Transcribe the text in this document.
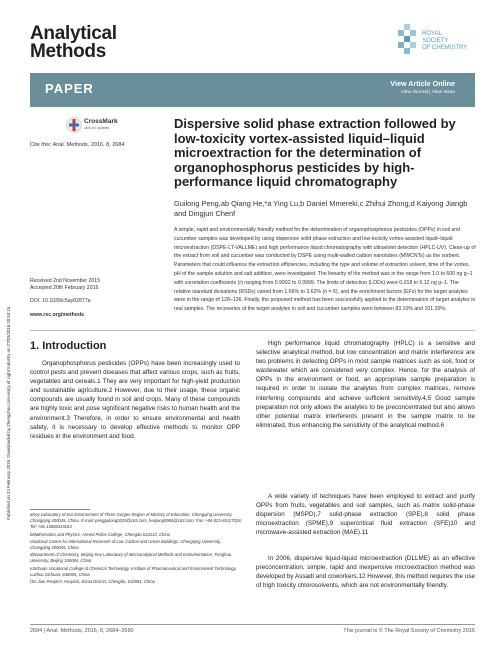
Analytical
Methods
ROYAL SOCIETY
OF CHEMISTRY
Published on 23 February 2016. Downloaded by Zhengzhou University of Light Industry on 27/03/2016 20:53:15.
PAPER	View Article Online
View Journal | View Issue
CrossMark
click for updates
Cite this: Anal. Methods, 2016, 8, 2684
Dispersive solid phase extraction followed by low-toxicity vortex-assisted liquid–liquid microextraction for the determination of organophosphorus pesticides by high-performance liquid chromatography
Guilong Peng,ab Qiang He,*a Ying Lu,b Daniel Mmereki,c Zhihui Zhong,d Kaiyong Jiangb and Dingjun Chenf
A simple, rapid and environmentally friendly method for the determination of organophosphorus pesticides (OPPs) in soil and cucumber samples was developed by using dispersive solid phase extraction and low-toxicity vortex-assisted liquid–liquid microextraction (DSPE-LT-VALLME) and high performance liquid chromatography with ultraviolet detection (HPLC-UV). Clean-up of the extract from soil and cucumber was conducted by DSPE using multi-walled carbon nanotubes (MWCNTs) as the sorbent. Parameters that could influence the extraction efficiencies, including the type and volume of extraction solvent, time of the vortex, pH of the sample solution and salt addition, were investigated. The linearity of the method was in the range from 1.0 to 600 ng g−1 with correlation coefficients (r) ranging from 0.9992 to 0.9999. The limits of detection (LODs) were 0.018 to 0.12 ng g−1. The relative standard deviations (RSDs) varied from 1.66% to 3.62% (n = 6), and the enrichment factors (EFs) for the target analytes were in the range of 128–136. Finally, the proposed method has been successfully applied to the determination of target analytes in real samples. The recoveries of the target analytes in soil and cucumber samples were between 83.10% and 101.20%.
Received 2nd November 2015
Accepted 20th February 2016
DOI: 10.1039/c5ay02877a
www.rsc.org/methods
1. Introduction

Organophosphorus pesticides (OPPs) have been increasingly used to control pests and prevent diseases that affect various crops, such as fruits, vegetables and cereals.1 They are very important for high-yield production and sustainable agriculture.2 However, due to their usage, these organic compounds are usually found in soil and crops. Many of these compounds are highly toxic and pose significant negative risks to human health and the environment.3 Therefore, in order to ensure environmental and health safety, it is necessary to develop effective methods to monitor OPP residues in the environment and food.

aKey Laboratory of Eco-Environment of Three Gorges Region of Ministry of Education, Chongqing University, Chongqing 400045, China. E-mail: penggulong0323@163.com, heqiang0980@163.com; Fax: +86-023-65127226; Tel: +86 13608319163
bMathematics and Physics, Armed Police College, Chengdu 610213, China
cNational Centre for International Research of Low Carbon and Green Buildings, Chongqing University, Chongqing 400045, China
dDepartment of Chemistry, Beijing Key Laboratory of Microanalytical Methods and Instrumentation, Tsinghua University, Beijing 100084, China
eSichuan Vocational College of Chemical Technology, Institute of Pharmaceutical and Environment Technology, Luzhou Sichuan, 646005, China
fJin Jian People's Hospital, Jinnia District, Chengdu, 610081, China

High performance liquid chromatography (HPLC) is a sensitive and selective analytical method, but low concentration and matrix interference are two problems in detecting OPPs in most sample matrices such as soil, food or wastewater which are considered very complex. Hence, for the analysis of OPPs in the environment or food, an appropriate sample preparation is required in order to isolate the analytes from complex matrices, remove interfering compounds and achieve sufficient sensitivity.4,5 Good sample preparation not only allows the analytes to be preconcentrated but also allows other potential matrix interferents present in the sample matrix to be eliminated, thus enhancing the sensitivity of the analytical method.6

A wide variety of techniques have been employed to extract and purify OPPs from fruits, vegetables and soil samples, such as matrix solid-phase dispersion (MSPD),7 solid-phase extraction (SPE),8 solid phase microextraction (SPME),9 supercritical fluid extraction (SFE)10 and microwave-assisted extraction (MAE).11

In 2006, dispersive liquid-liquid microextraction (DLLME) as an effective preconcentration, simple, rapid and inexpensive microextraction method was developed by Assadi and coworkers.12 However, this method requires the use of high toxicity chlorosolvents, which are not environmentally friendly.

2684 | Anal. Methods, 2016, 8, 2684–2690	This journal is © The Royal Society of Chemistry 2016
